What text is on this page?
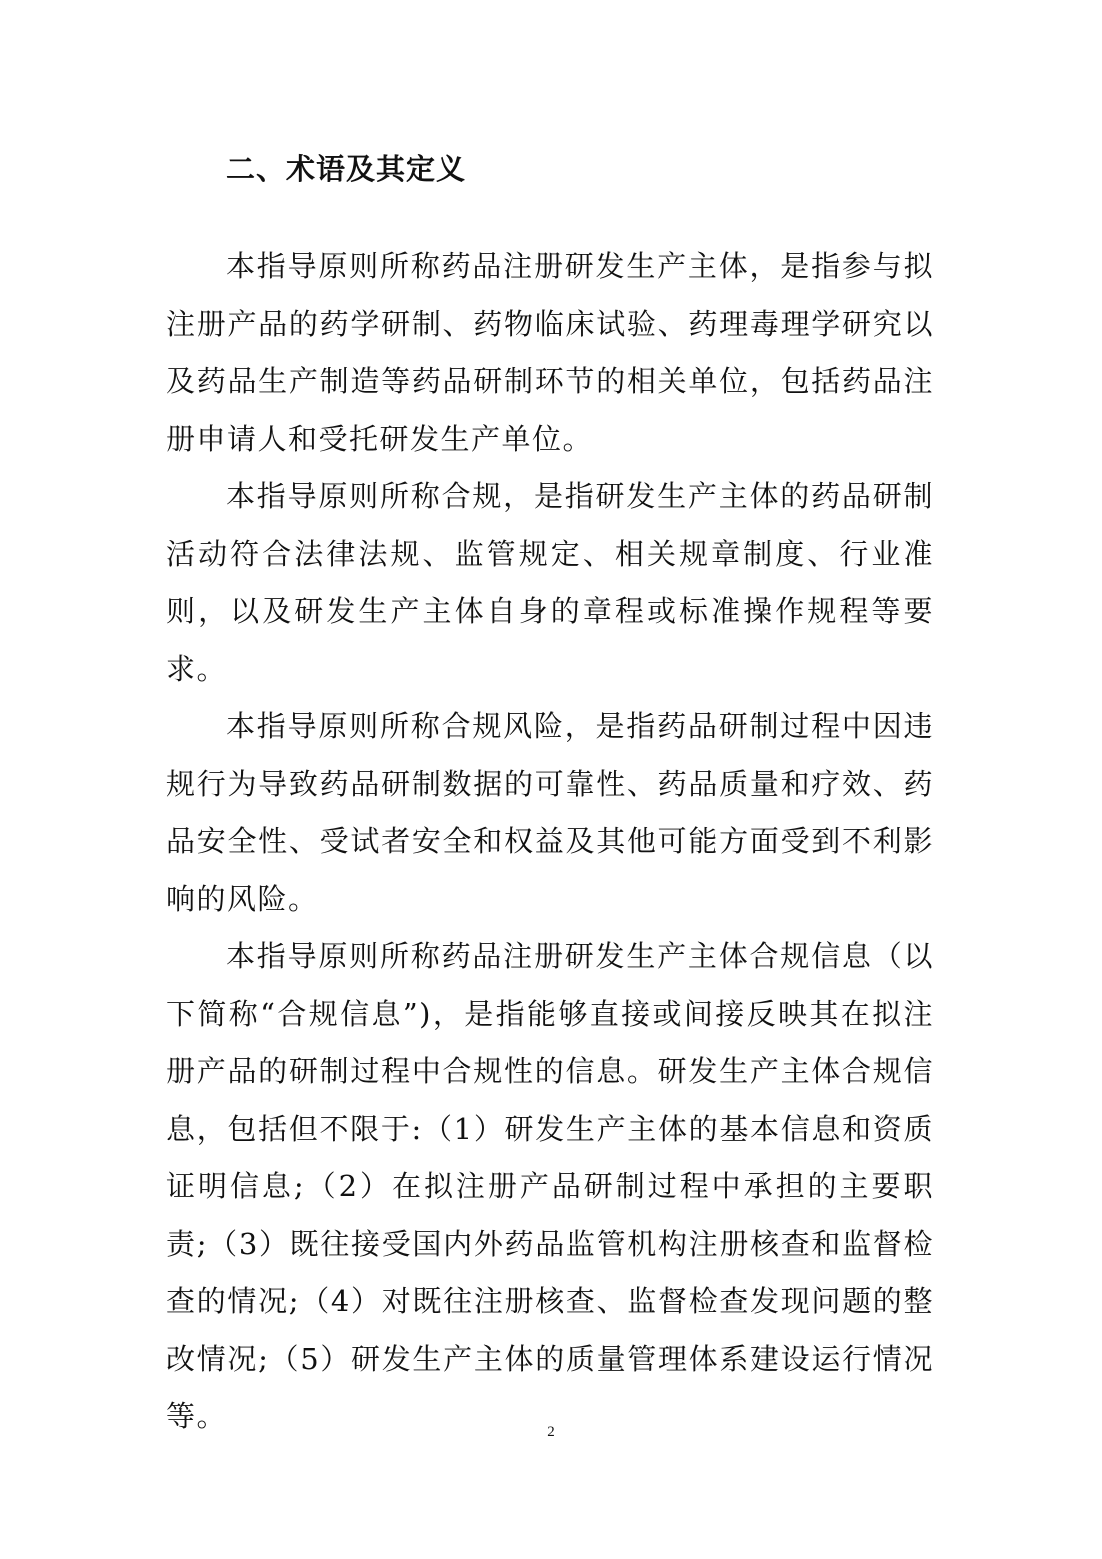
二、术语及其定义

本指导原则所称药品注册研发生产主体，是指参与拟注册产品的药学研制、药物临床试验、药理毒理学研究以及药品生产制造等药品研制环节的相关单位，包括药品注册申请人和受托研发生产单位。

本指导原则所称合规，是指研发生产主体的药品研制活动符合法律法规、监管规定、相关规章制度、行业准则，以及研发生产主体自身的章程或标准操作规程等要求。

本指导原则所称合规风险，是指药品研制过程中因违规行为导致药品研制数据的可靠性、药品质量和疗效、药品安全性、受试者安全和权益及其他可能方面受到不利影响的风险。

本指导原则所称药品注册研发生产主体合规信息（以下简称“合规信息”)，是指能够直接或间接反映其在拟注册产品的研制过程中合规性的信息。研发生产主体合规信息，包括但不限于:（1）研发生产主体的基本信息和资质证明信息;（2）在拟注册产品研制过程中承担的主要职责;（3）既往接受国内外药品监管机构注册核查和监督检查的情况;（4）对既往注册核查、监督检查发现问题的整改情况;（5）研发生产主体的质量管理体系建设运行情况等。	2
